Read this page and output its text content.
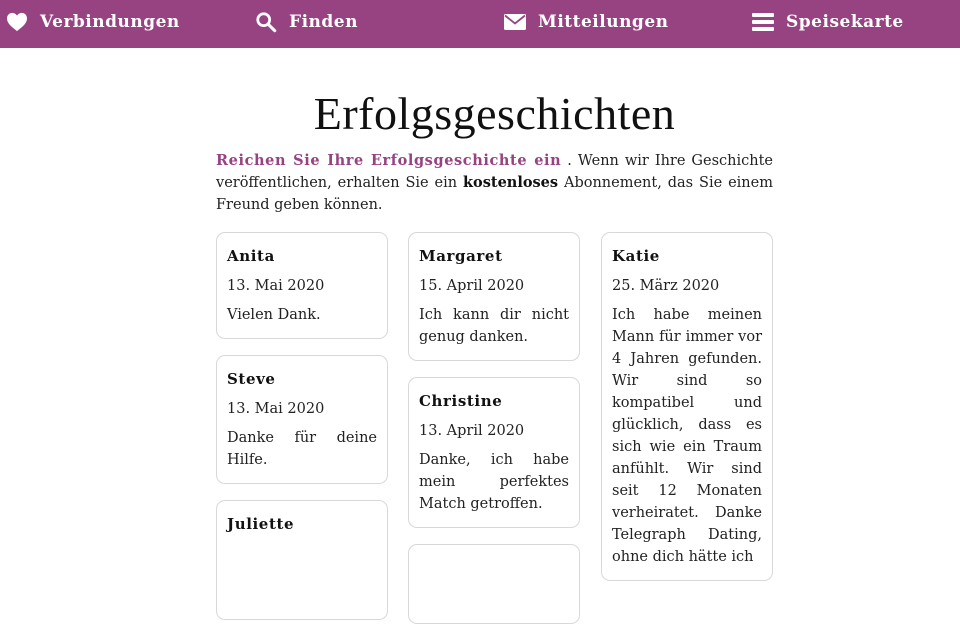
Verbindungen	Finden	Mitteilungen	Speisekarte
Erfolgsgeschichten

Reichen Sie Ihre Erfolgsgeschichte ein . Wenn wir Ihre Geschichte veröffentlichen, erhalten Sie ein kostenloses Abonnement, das Sie einem Freund geben können.

Anita
13. Mai 2020
Vielen Dank.
Steve
13. Mai 2020
Danke für deine Hilfe.
Juliette
Margaret
15. April 2020
Ich kann dir nicht genug danken.
Christine
13. April 2020
Danke, ich habe mein perfektes Match getroffen.
Katie
25. März 2020
Ich habe meinen Mann für immer vor 4 Jahren gefunden. Wir sind so kompatibel und glücklich, dass es sich wie ein Traum anfühlt. Wir sind seit 12 Monaten verheiratet. Danke Telegraph Dating, ohne dich hätte ich
